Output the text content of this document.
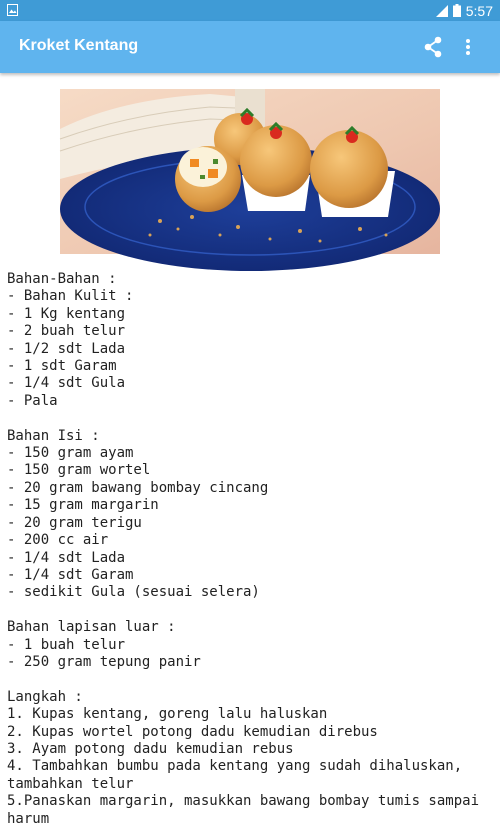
5:57
Kroket Kentang
Bahan-Bahan :
- Bahan Kulit :
- 1 Kg kentang
- 2 buah telur
- 1/2 sdt Lada
- 1 sdt Garam
- 1/4 sdt Gula
- Pala

Bahan Isi :
- 150 gram ayam
- 150 gram wortel
- 20 gram bawang bombay cincang
- 15 gram margarin
- 20 gram terigu
- 200 cc air
- 1/4 sdt Lada
- 1/4 sdt Garam
- sedikit Gula (sesuai selera)

Bahan lapisan luar :
- 1 buah telur
- 250 gram tepung panir

Langkah :
1. Kupas kentang, goreng lalu haluskan
2. Kupas wortel potong dadu kemudian direbus
3. Ayam potong dadu kemudian rebus
4. Tambahkan bumbu pada kentang yang sudah dihaluskan, tambahkan telur
5.Panaskan margarin, masukkan bawang bombay tumis sampai harum
